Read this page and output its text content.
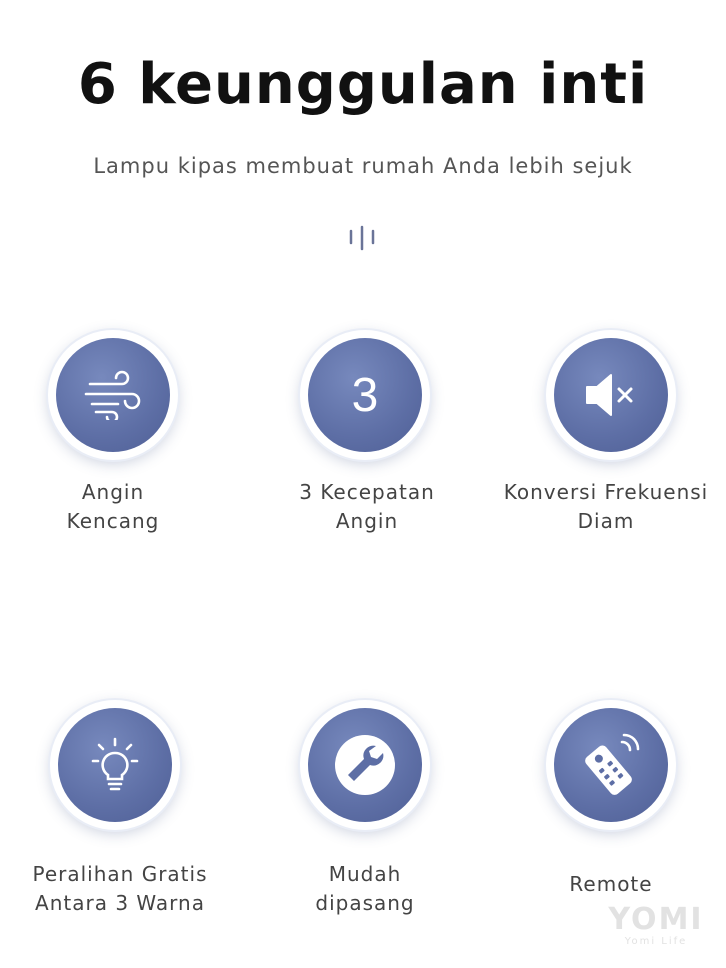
6 keunggulan inti
Lampu kipas membuat rumah Anda lebih sejuk
Angin
Kencang
3
3 Kecepatan
Angin
Konversi Frekuensi
Diam
Peralihan Gratis
Antara 3 Warna
Mudah
dipasang
Remote
YOMI
Yomi Life
